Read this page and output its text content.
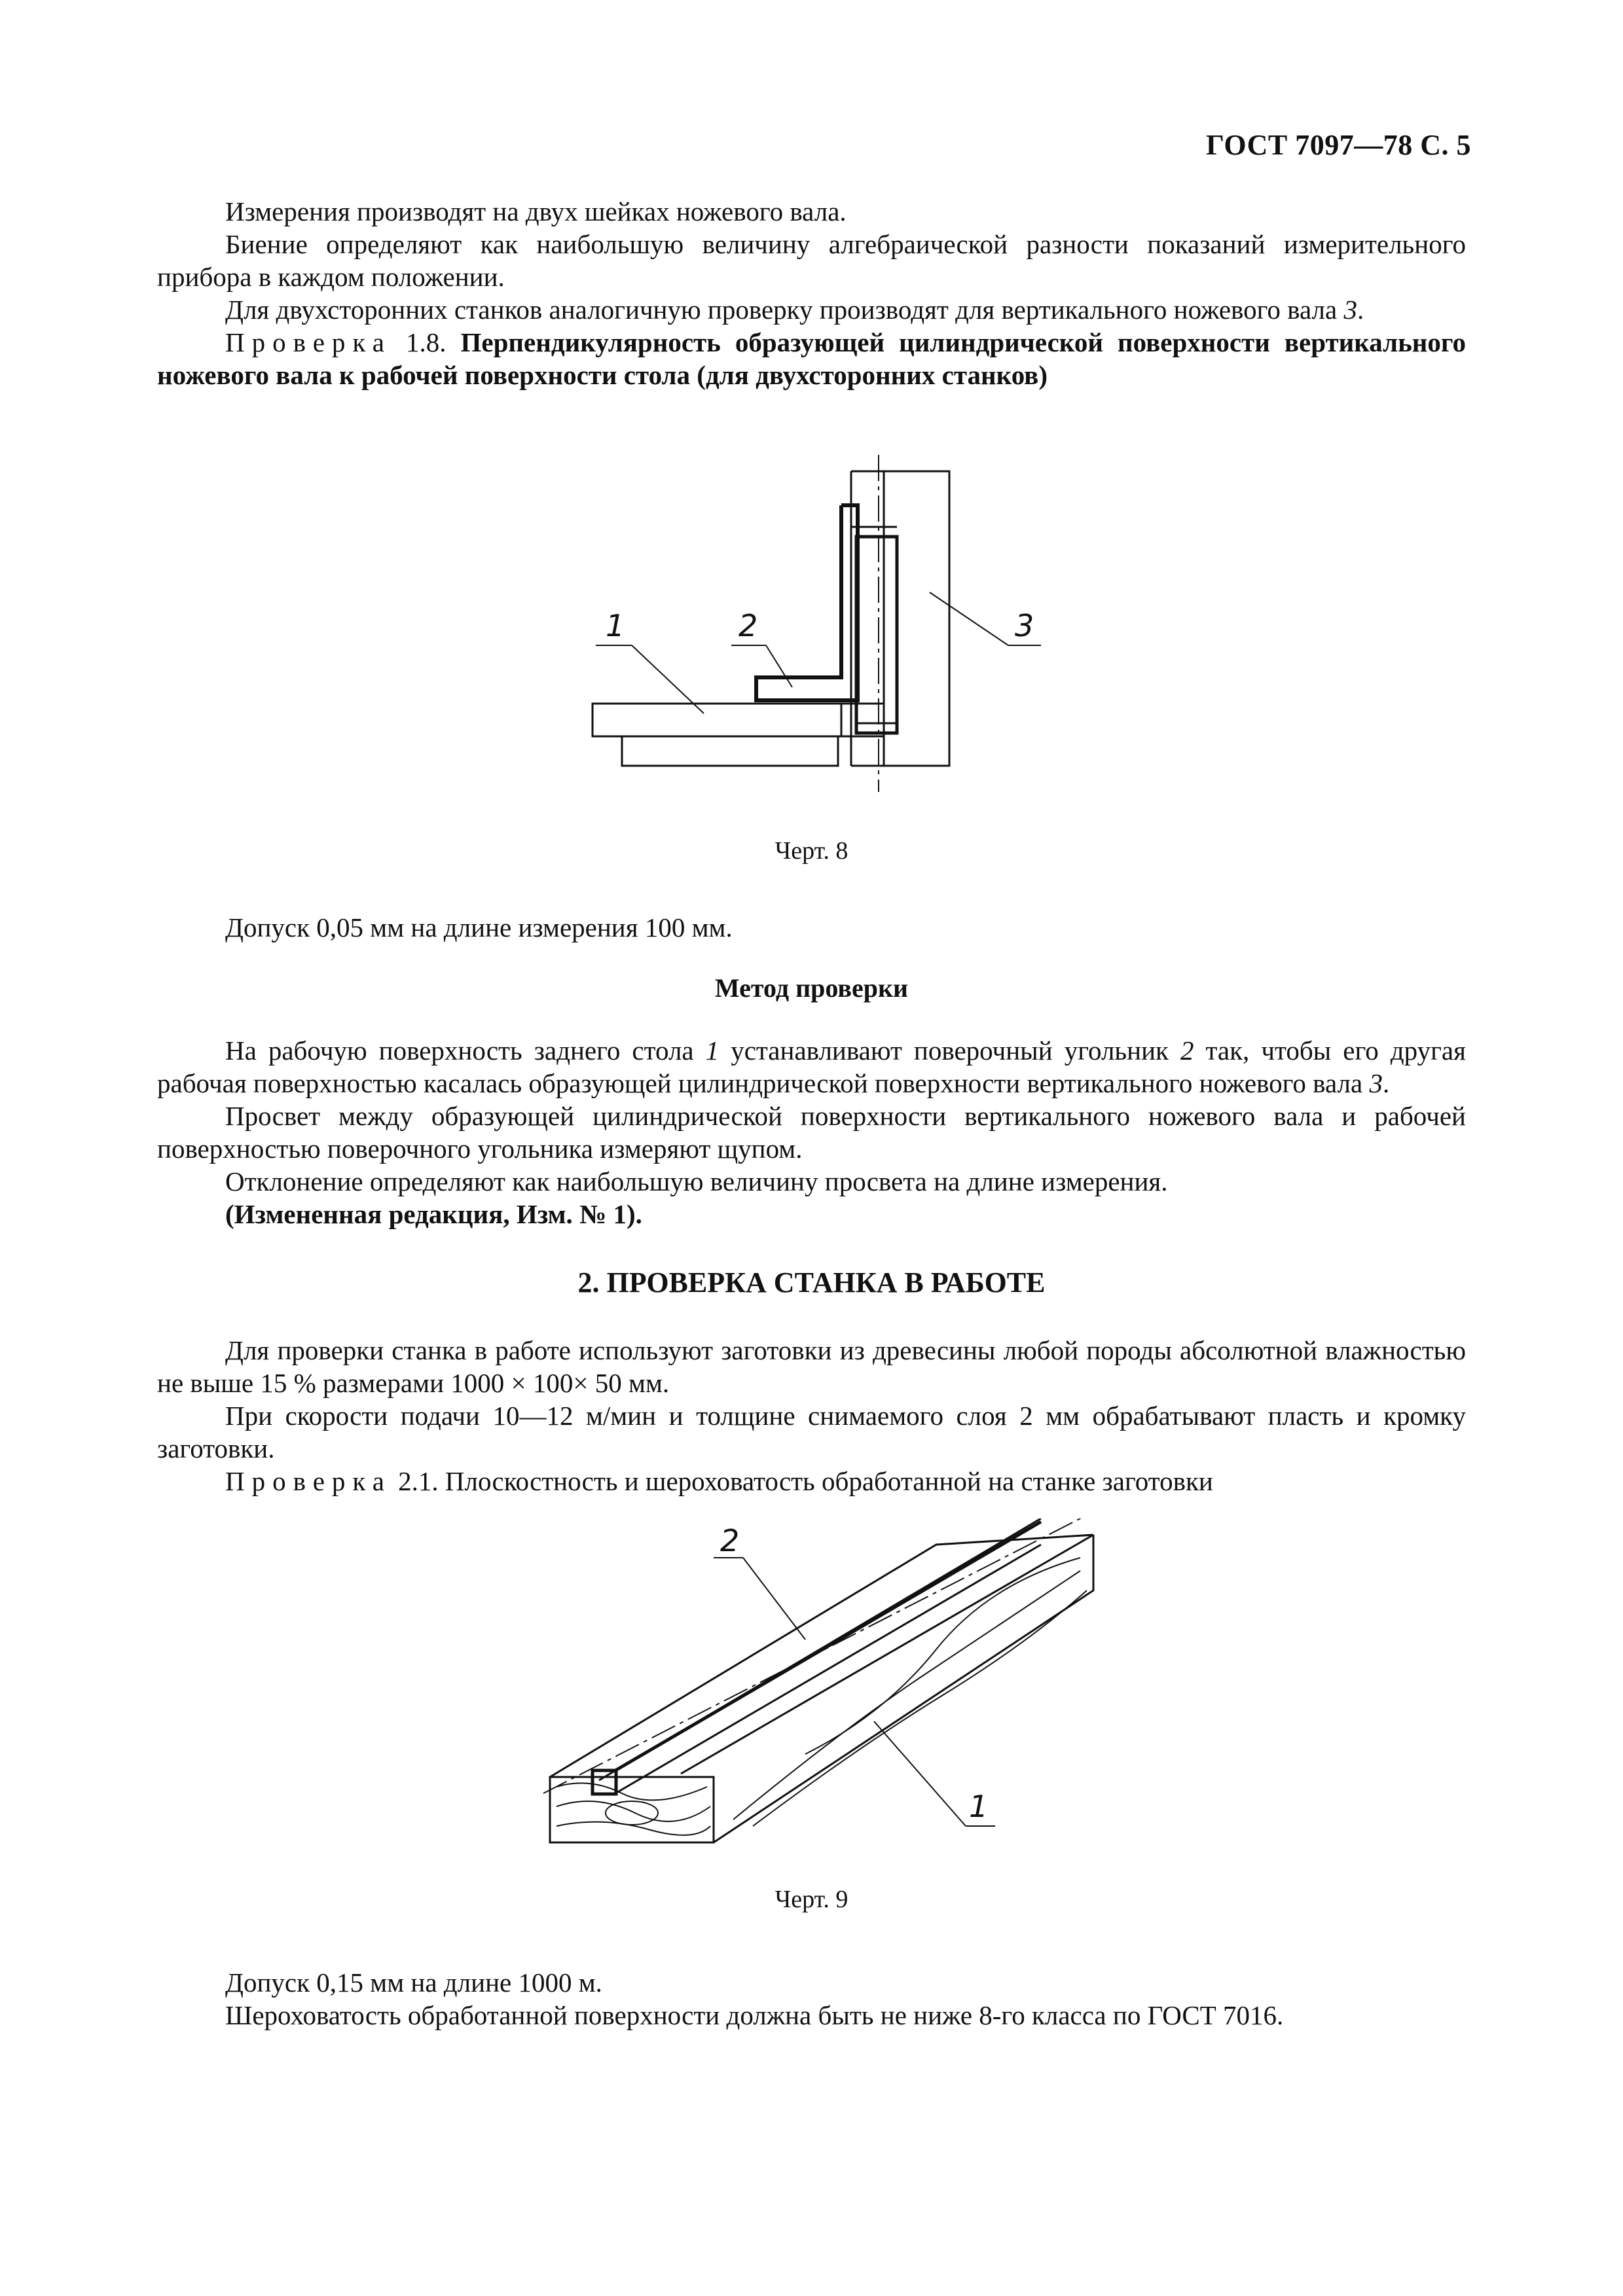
ГОСТ 7097—78 С. 5

Измерения производят на двух шейках ножевого вала.

Биение определяют как наибольшую величину алгебраической разности показаний измерительного прибора в каждом положении.

Для двухсторонних станков аналогичную проверку производят для вертикального ножевого вала 3.

Проверка 1.8. Перпендикулярность образующей цилиндрической поверхности вертикального ножевого вала к рабочей поверхности стола (для двухсторонних станков)

1	2	3
Черт. 8

Допуск 0,05 мм на длине измерения 100 мм.

Метод проверки

На рабочую поверхность заднего стола 1 устанавливают поверочный угольник 2 так, чтобы его другая рабочая поверхностью касалась образующей цилиндрической поверхности вертикального ножевого вала 3.

Просвет между образующей цилиндрической поверхности вертикального ножевого вала и рабочей поверхностью поверочного угольника измеряют щупом.

Отклонение определяют как наибольшую величину просвета на длине измерения.

(Измененная редакция, Изм. № 1).

2. ПРОВЕРКА СТАНКА В РАБОТЕ

Для проверки станка в работе используют заготовки из древесины любой породы абсолютной влажностью не выше 15 % размерами 1000 × 100× 50 мм.

При скорости подачи 10—12 м/мин и толщине снимаемого слоя 2 мм обрабатывают пласть и кромку заготовки.

Проверка 2.1. Плоскостность и шероховатость обработанной на станке заготовки

2
1
Черт. 9

Допуск 0,15 мм на длине 1000 м.

Шероховатость обработанной поверхности должна быть не ниже 8-го класса по ГОСТ 7016.
